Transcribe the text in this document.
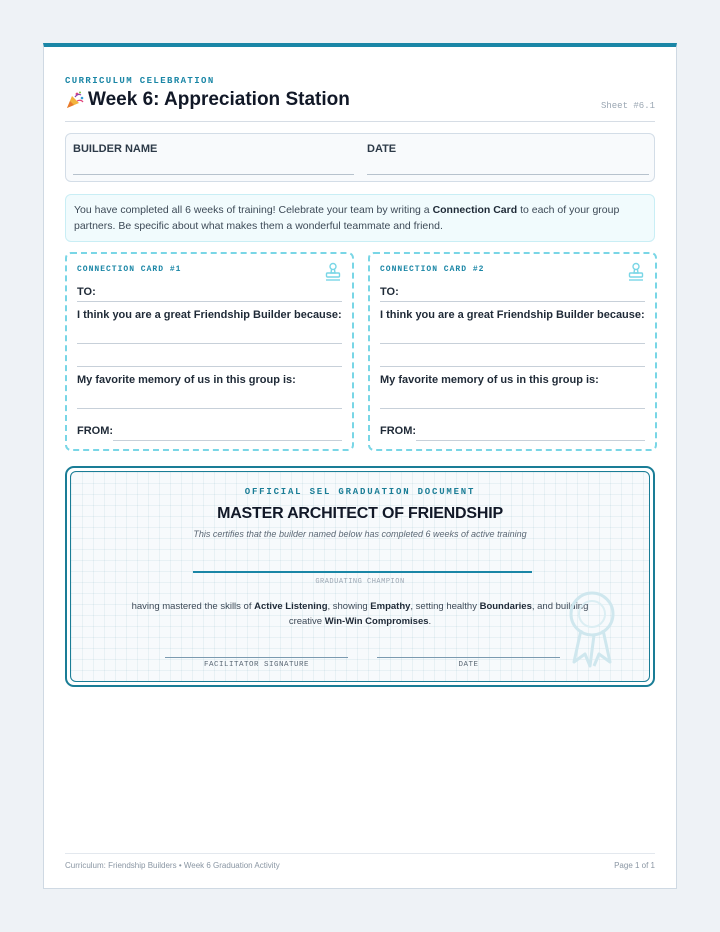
CURRICULUM CELEBRATION
Week 6: Appreciation Station	Sheet #6.1
BUILDER NAME	DATE
You have completed all 6 weeks of training! Celebrate your team by writing a Connection Card to each of your group partners. Be specific about what makes them a wonderful teammate and friend.
CONNECTION CARD #1
TO:
I think you are a great Friendship Builder because:
My favorite memory of us in this group is:
FROM:
CONNECTION CARD #2
TO:
I think you are a great Friendship Builder because:
My favorite memory of us in this group is:
FROM:
OFFICIAL SEL GRADUATION DOCUMENT
MASTER ARCHITECT OF FRIENDSHIP
This certifies that the builder named below has completed 6 weeks of active training
GRADUATING CHAMPION
having mastered the skills of Active Listening, showing Empathy, setting healthy Boundaries, and building creative Win-Win Compromises.
FACILITATOR SIGNATURE	DATE
Curriculum: Friendship Builders • Week 6 Graduation Activity	Page 1 of 1
